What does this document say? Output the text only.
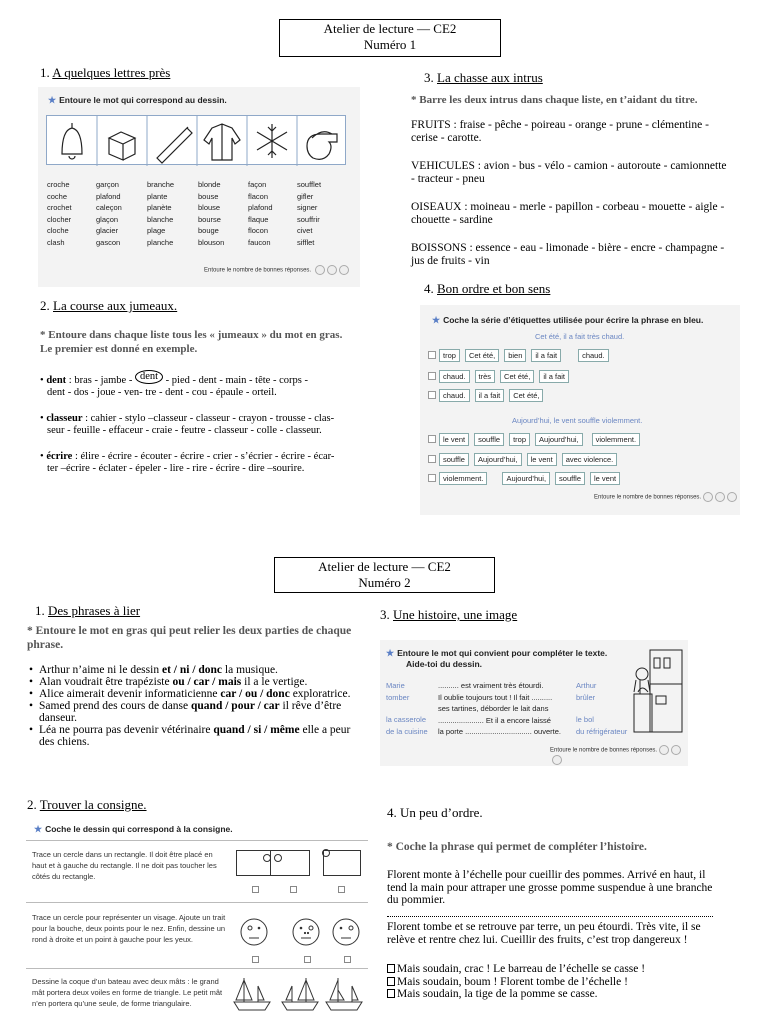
Atelier de lecture — CE2
Numéro 1
1. A quelques lettres près
★ Entoure le mot qui correspond au dessin.
croche
coche
crochet
clocher
cloche
clash
garçon
plafond
caleçon
glaçon
glacier
gascon
branche
plante
planète
blanche
plage
planche
blonde
bouse
blouse
bourse
bouge
blouson
façon
flacon
plafond
flaque
flocon
faucon
soufflet
gifler
signer
souffrir
civet
sifflet
Entoure le nombre de bonnes réponses.
2. La course aux jumeaux.
* Entoure dans chaque liste tous les « jumeaux » du mot en gras.
Le premier est donné en exemple.
• dent : bras - jambe - dent - pied - dent - main - tête - corps -
dent - dos - joue - ven- tre - dent - cou - épaule - orteil.
• classeur : cahier - stylo –classeur - classeur - crayon - trousse - clas-
seur - feuille - effaceur - craie - feutre - classeur - colle - classeur.
• écrire : élire - écrire - écouter - écrire - crier - s’écrier - écrire - écar-
ter –écrire - éclater - épeler - lire - rire - écrire - dire –sourire.
3. La chasse aux intrus
* Barre les deux intrus dans chaque liste, en t’aidant du titre.
FRUITS : fraise - pêche - poireau - orange - prune - clémentine -
cerise - carotte.
VEHICULES : avion - bus - vélo - camion - autoroute - camionnette
- tracteur - pneu
OISEAUX : moineau - merle - papillon - corbeau - mouette - aigle -
chouette - sardine
BOISSONS : essence - eau - limonade - bière - encre - champagne -
jus de fruits - vin
4. Bon ordre et bon sens
★ Coche la série d’étiquettes utilisée pour écrire la phrase en bleu.
Cet été, il a fait très chaud.
trop Cet été, bien il a fait	chaud.
chaud. très Cet été, il a fait
chaud. il a fait Cet été,
Aujourd’hui, le vent souffle violemment.
le vent souffle trop Aujourd’hui, violemment.
souffle Aujourd’hui, le vent avec violence.
violemment.	Aujourd’hui, souffle le vent
Entoure le nombre de bonnes réponses.
Atelier de lecture — CE2
Numéro 2
1. Des phrases à lier
* Entoure le mot en gras qui peut relier les deux parties de chaque phrase.
• Arthur n’aime ni le dessin et / ni / donc la musique.
• Alan voudrait être trapéziste ou / car / mais il a le vertige.
• Alice aimerait devenir informaticienne car / ou / donc exploratrice.
• Samed prend des cours de danse quand / pour / car il rêve d’être danseur.
• Léa ne pourra pas devenir vétérinaire quand / si / même elle a peur des chiens.
2. Trouver la consigne.
★ Coche le dessin qui correspond à la consigne.
Trace un cercle dans un rectangle. Il doit être placé en haut et à gauche du rectangle. Il ne doit pas toucher les côtés du rectangle.
Trace un cercle pour représenter un visage. Ajoute un trait pour la bouche, deux points pour le nez. Enfin, dessine un rond à droite et un point à gauche pour les yeux.
Dessine la coque d’un bateau avec deux mâts : le grand mât portera deux voiles en forme de triangle. Le petit mât n’en portera qu’une seule, de forme triangulaire.
3. Une histoire, une image
★ Entoure le mot qui convient pour compléter le texte.
Aide-toi du dessin.
Marie
tomber
la casserole
de la cuisine
.......... est vraiment très étourdi.
Il oublie toujours tout ! Il fait ..........
ses tartines, déborder le lait dans
...................... Et il a encore laissé
la porte ................................ ouverte.
Arthur
brûler
le bol
du réfrigérateur
Entoure le nombre de bonnes réponses.
4. Un peu d’ordre.
* Coche la phrase qui permet de compléter l’histoire.
Florent monte à l’échelle pour cueillir des pommes. Arrivé en haut, il tend la main pour attraper une grosse pomme suspendue à une branche du pommier.
Florent tombe et se retrouve par terre, un peu étourdi. Très vite, il se relève et rentre chez lui. Cueillir des fruits, c’est trop dangereux !
Mais soudain, crac ! Le barreau de l’échelle se casse !
Mais soudain, boum ! Florent tombe de l’échelle !
Mais soudain, la tige de la pomme se casse.
